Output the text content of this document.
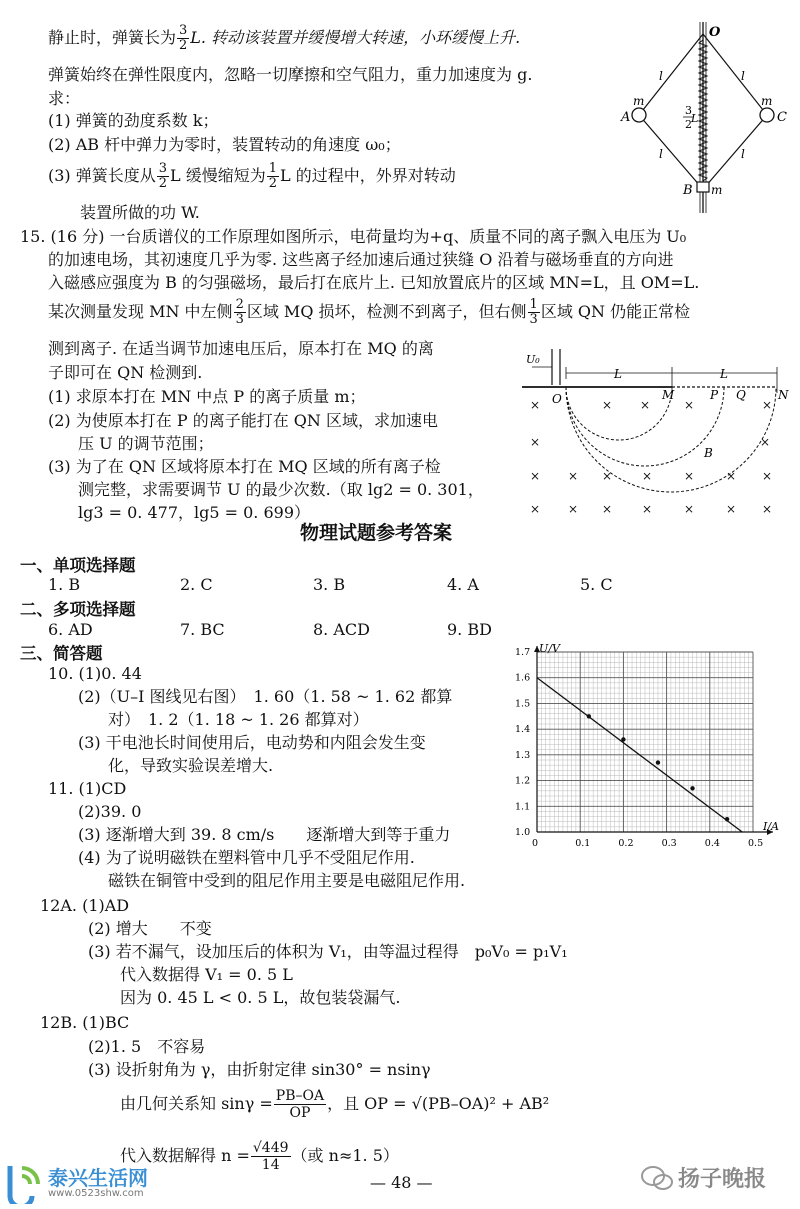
静止时，弹簧长为 $\frac{3}{2} L$. 转动该装置并缓慢增大转速，小环缓慢上升.
弹簧始终在弹性限度内，忽略一切摩擦和空气阻力，重力加速度为 g.
求：
(1) 弹簧的劲度系数 k；
(2) AB 杆中弹力为零时，装置转动的角速度 ω₀；
(3) 弹簧长度从 $\frac{3}{2}$ L 缓慢缩短为 $\frac{1}{2}$ L 的过程中，外界对转动
装置所做的功 W.
O
A
m
C
m
B m
l	l
l	l
3
2 L
15. (16 分) 一台质谱仪的工作原理如图所示，电荷量均为+q、质量不同的离子飘入电压为 U₀
的加速电场，其初速度几乎为零. 这些离子经加速后通过狭缝 O 沿着与磁场垂直的方向进
入磁感应强度为 B 的匀强磁场，最后打在底片上. 已知放置底片的区域 MN=L，且 OM=L.
某次测量发现 MN 中左侧 $\frac{2}{3}$ 区域 MQ 损坏，检测不到离子，但右侧 $\frac{1}{3}$ 区域 QN 仍能正常检
测到离子. 在适当调节加速电压后，原本打在 MQ 的离
子即可在 QN 检测到.
(1) 求原本打在 MN 中点 P 的离子质量 m；
(2) 为使原本打在 P 的离子能打在 QN 区域，求加速电
压 U 的调节范围；
(3) 为了在 QN 区域将原本打在 MQ 区域的所有离子检
测完整，求需要调节 U 的最少次数.（取 lg2 = 0. 301，
lg3 = 0. 477，lg5 = 0. 699）
U₀
L	L
O	M	P Q	N
B
×	× ×	×	×
×	×
× × × ×	×	× ×
× × × ×	×	× ×
物理试题参考答案
一、单项选择题
1. B	2. C	3. B	4. A	5. C
二、多项选择题
6. AD	7. BC	8. ACD	9. BD
三、简答题
10. (1)0. 44
(2)（U–I 图线见右图）　1. 60（1. 58 ~ 1. 62 都算
对）　1. 2（1. 18 ~ 1. 26 都算对）
(3) 干电池长时间使用后，电动势和内阻会发生变
化，导致实验误差增大.
11. (1)CD
(2)39. 0
(3) 逐渐增大到 39. 8 cm/s　　逐渐增大到等于重力
(4) 为了说明磁铁在塑料管中几乎不受阻尼作用.
磁铁在铜管中受到的阻尼作用主要是电磁阻尼作用.
12A. (1)AD
(2) 增大　　不变
(3) 若不漏气，设加压后的体积为 V₁，由等温过程得　p₀V₀ = p₁V₁
代入数据得 V₁ = 0. 5 L
因为 0. 45 L < 0. 5 L，故包装袋漏气.
12B. (1)BC
(2)1. 5　不容易
(3) 设折射角为 γ，由折射定律 sin30° = nsinγ
由几何关系知 $\sin\gamma = \frac{PB-OA}{OP}$ ，且 OP = √(PB–OA)² + AB²
代入数据解得 $n = \frac{√449}{14}$ （或 n≈1. 5）
0	0.1	0.2	0.3	0.4	0.5
1.0
1.1
1.2
1.3
1.4
1.5
1.6
1.7 U/V
I/A
泰兴生活网
www.0523shw.com
— 48 —	扬子晚报
